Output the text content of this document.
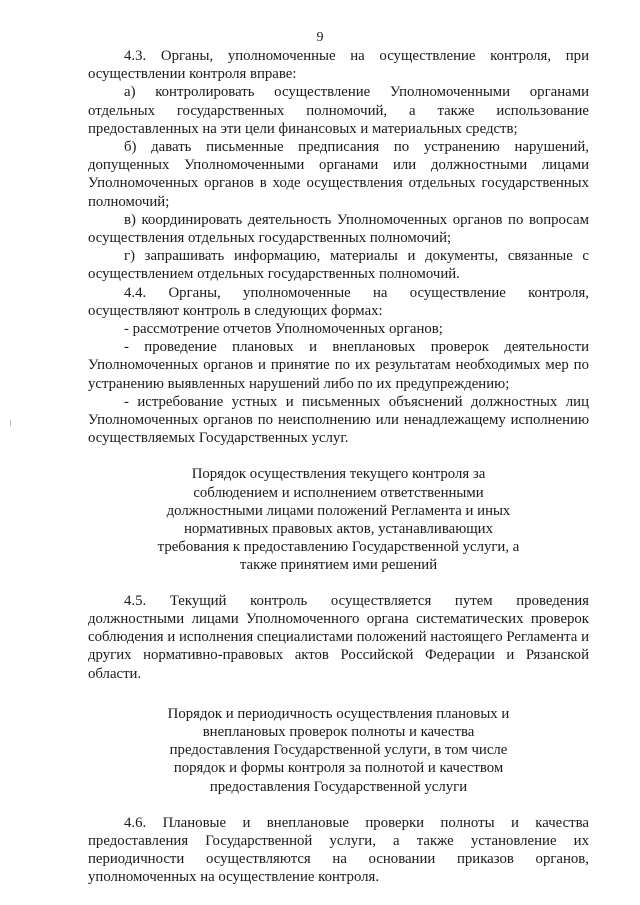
9

4.3. Органы, уполномоченные на осуществление контроля, при осуществлении контроля вправе:

а) контролировать осуществление Уполномоченными органами отдельных государственных полномочий, а также использование предоставленных на эти цели финансовых и материальных средств;

б) давать письменные предписания по устранению нарушений, допущенных Уполномоченными органами или должностными лицами Уполномоченных органов в ходе осуществления отдельных государственных полномочий;

в) координировать деятельность Уполномоченных органов по вопросам осуществления отдельных государственных полномочий;

г) запрашивать информацию, материалы и документы, связанные с осуществлением отдельных государственных полномочий.

4.4. Органы, уполномоченные на осуществление контроля, осуществляют контроль в следующих формах:

- рассмотрение отчетов Уполномоченных органов;

- проведение плановых и внеплановых проверок деятельности Уполномоченных органов и принятие по их результатам необходимых мер по устранению выявленных нарушений либо по их предупреждению;

- истребование устных и письменных объяснений должностных лиц Уполномоченных органов по неисполнению или ненадлежащему исполнению осуществляемых Государственных услуг.

Порядок осуществления текущего контроля за соблюдением и исполнением ответственными должностными лицами положений Регламента и иных нормативных правовых актов, устанавливающих требования к предоставлению Государственной услуги, а также принятием ими решений

4.5. Текущий контроль осуществляется путем проведения должностными лицами Уполномоченного органа систематических проверок соблюдения и исполнения специалистами положений настоящего Регламента и других нормативно-правовых актов Российской Федерации и Рязанской области.

Порядок и периодичность осуществления плановых и внеплановых проверок полноты и качества предоставления Государственной услуги, в том числе порядок и формы контроля за полнотой и качеством предоставления Государственной услуги

4.6. Плановые и внеплановые проверки полноты и качества предоставления Государственной услуги, а также установление их периодичности осуществляются на основании приказов органов, уполномоченных на осуществление контроля.
